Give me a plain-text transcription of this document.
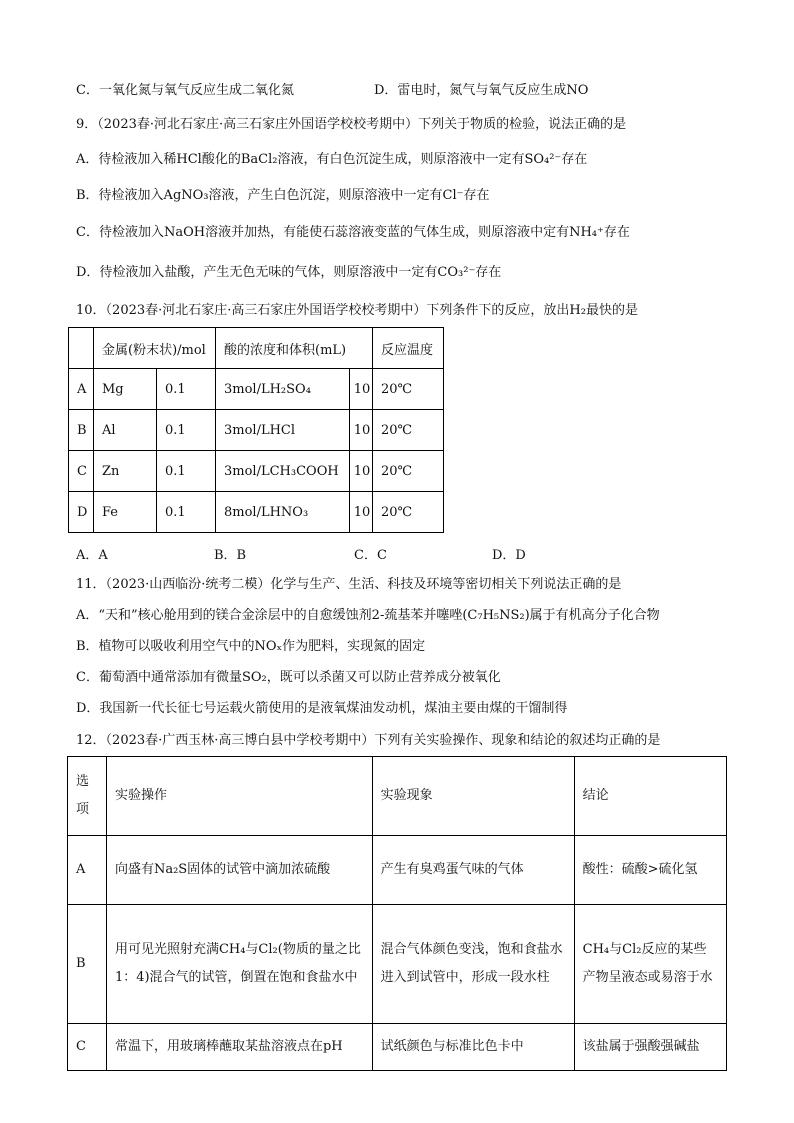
C．一氧化氮与氧气反应生成二氧化氮	D．雷电时，氮气与氧气反应生成NO
9．（2023春·河北石家庄·高三石家庄外国语学校校考期中）下列关于物质的检验，说法正确的是
A．待检液加入稀HCl酸化的BaCl₂溶液，有白色沉淀生成，则原溶液中一定有SO₄²⁻存在
B．待检液加入AgNO₃溶液，产生白色沉淀，则原溶液中一定有Cl⁻存在
C．待检液加入NaOH溶液并加热，有能使石蕊溶液变蓝的气体生成，则原溶液中定有NH₄⁺存在
D．待检液加入盐酸，产生无色无味的气体，则原溶液中一定有CO₃²⁻存在
10．（2023春·河北石家庄·高三石家庄外国语学校校考期中）下列条件下的反应，放出H₂最快的是
	金属(粉末状)/mol		酸的浓度和体积(mL)		反应温度
A	Mg	0.1	3mol/LH₂SO₄	10	20℃
B	Al	0.1	3mol/LHCl	10	20℃
C	Zn	0.1	3mol/LCH₃COOH	10	20℃
D	Fe	0.1	8mol/LHNO₃	10	20℃
A．A	B．B	C．C	D．D
11．（2023·山西临汾·统考二模）化学与生产、生活、科技及环境等密切相关下列说法正确的是
A．“天和”核心舱用到的镁合金涂层中的自愈缓蚀剂2-巯基苯并噻唑(C₇H₅NS₂)属于有机高分子化合物
B．植物可以吸收利用空气中的NOₓ作为肥料，实现氮的固定
C．葡萄酒中通常添加有微量SO₂，既可以杀菌又可以防止营养成分被氧化
D．我国新一代长征七号运载火箭使用的是液氧煤油发动机，煤油主要由煤的干馏制得
12．（2023春·广西玉林·高三博白县中学校考期中）下列有关实验操作、现象和结论的叙述均正确的是
选项	实验操作	实验现象	结论
A	向盛有Na₂S固体的试管中滴加浓硫酸	产生有臭鸡蛋气味的气体	酸性：硫酸>硫化氢
B	用可见光照射充满CH₄与Cl₂(物质的量之比1：4)混合气的试管，倒置在饱和食盐水中	混合气体颜色变浅，饱和食盐水进入到试管中，形成一段水柱	CH₄与Cl₂反应的某些产物呈液态或易溶于水
C	常温下，用玻璃棒蘸取某盐溶液点在pH	试纸颜色与标准比色卡中	该盐属于强酸强碱盐
